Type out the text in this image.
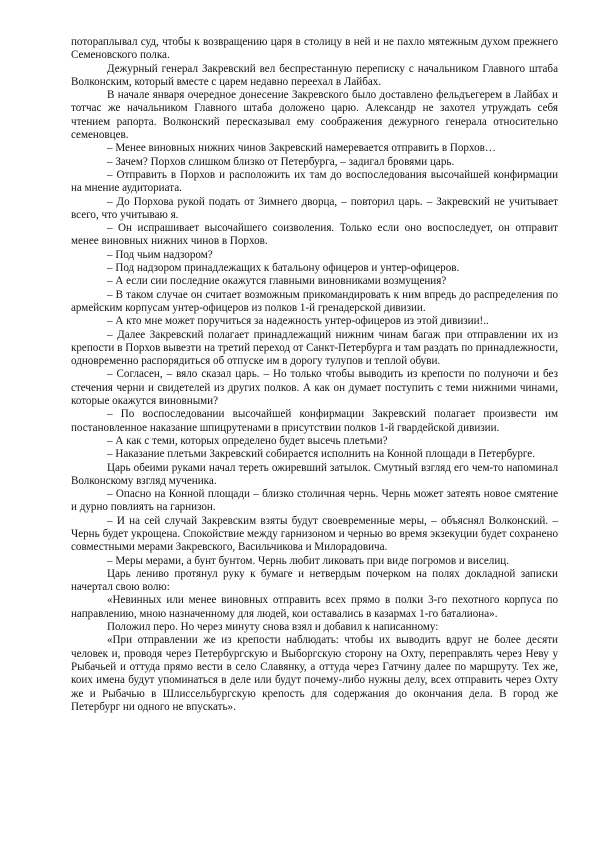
потораплывал суд, чтобы к возвращению царя в столицу в ней и не пахло мятежным духом прежнего Семеновского полка.

Дежурный генерал Закревский вел беспрестанную переписку с начальником Главного штаба Волконским, который вместе с царем недавно переехал в Лайбах.

В начале января очередное донесение Закревского было доставлено фельдъегерем в Лайбах и тотчас же начальником Главного штаба доложено царю. Александр не захотел утруждать себя чтением рапорта. Волконский пересказывал ему соображения дежурного генерала относительно семеновцев.

– Менее виновных нижних чинов Закревский намеревается отправить в Порхов…

– Зачем? Порхов слишком близко от Петербурга, – задигал бровями царь.

– Отправить в Порхов и расположить их там до воспоследования высочайшей конфирмации на мнение аудиториата.

– До Порхова рукой подать от Зимнего дворца, – повторил царь. – Закревский не учитывает всего, что учитываю я.

– Он испрашивает высочайшего соизволения. Только если оно воспоследует, он отправит менее виновных нижних чинов в Порхов.

– Под чьим надзором?

– Под надзором принадлежащих к батальону офицеров и унтер-офицеров.

– А если сии последние окажутся главными виновниками возмущения?

– В таком случае он считает возможным прикомандировать к ним впредь до распределения по армейским корпусам унтер-офицеров из полков 1-й гренадерской дивизии.

– А кто мне может поручиться за надежность унтер-офицеров из этой дивизии!..

– Далее Закревский полагает принадлежащий нижним чинам багаж при отправлении их из крепости в Порхов вывезти на третий переход от Санкт-Петербурга и там раздать по принадлежности, одновременно распорядиться об отпуске им в дорогу тулупов и теплой обуви.

– Согласен, – вяло сказал царь. – Но только чтобы выводить из крепости по полуночи и без стечения черни и свидетелей из других полков. А как он думает поступить с теми нижними чинами, которые окажутся виновными?

– По воспоследовании высочайшей конфирмации Закревский полагает произвести им постановленное наказание шпицрутенами в присутствии полков 1-й гвардейской дивизии.

– А как с теми, которых определено будет высечь плетьми?

– Наказание плетьми Закревский собирается исполнить на Конной площади в Петербурге.

Царь обеими руками начал тереть ожиревший затылок. Смутный взгляд его чем-то напоминал Волконскому взгляд мученика.

– Опасно на Конной площади – близко столичная чернь. Чернь может затеять новое смятение и дурно повлиять на гарнизон.

– И на сей случай Закревским взяты будут своевременные меры, – объяснял Волконский. – Чернь будет укрощена. Спокойствие между гарнизоном и чернью во время экзекуции будет сохранено совместными мерами Закревского, Васильчикова и Милорадовича.

– Меры мерами, а бунт бунтом. Чернь любит ликовать при виде погромов и виселиц.

Царь лениво протянул руку к бумаге и нетвердым почерком на полях докладной записки начертал свою волю:

«Невинных или менее виновных отправить всех прямо в полки 3-го пехотного корпуса по направлению, мною назначенному для людей, кои оставались в казармах 1-го баталиона».

Положил перо. Но через минуту снова взял и добавил к написанному:

«При отправлении же из крепости наблюдать: чтобы их выводить вдруг не более десяти человек и, проводя через Петербургскую и Выборгскую сторону на Охту, переправлять через Неву у Рыбачьей и оттуда прямо вести в село Славянку, а оттуда через Гатчину далее по маршруту. Тех же, коих имена будут упоминаться в деле или будут почему-либо нужны делу, всех отправить через Охту же и Рыбачью в Шлиссельбургскую крепость для содержания до окончания дела. В город же Петербург ни одного не впускать».
